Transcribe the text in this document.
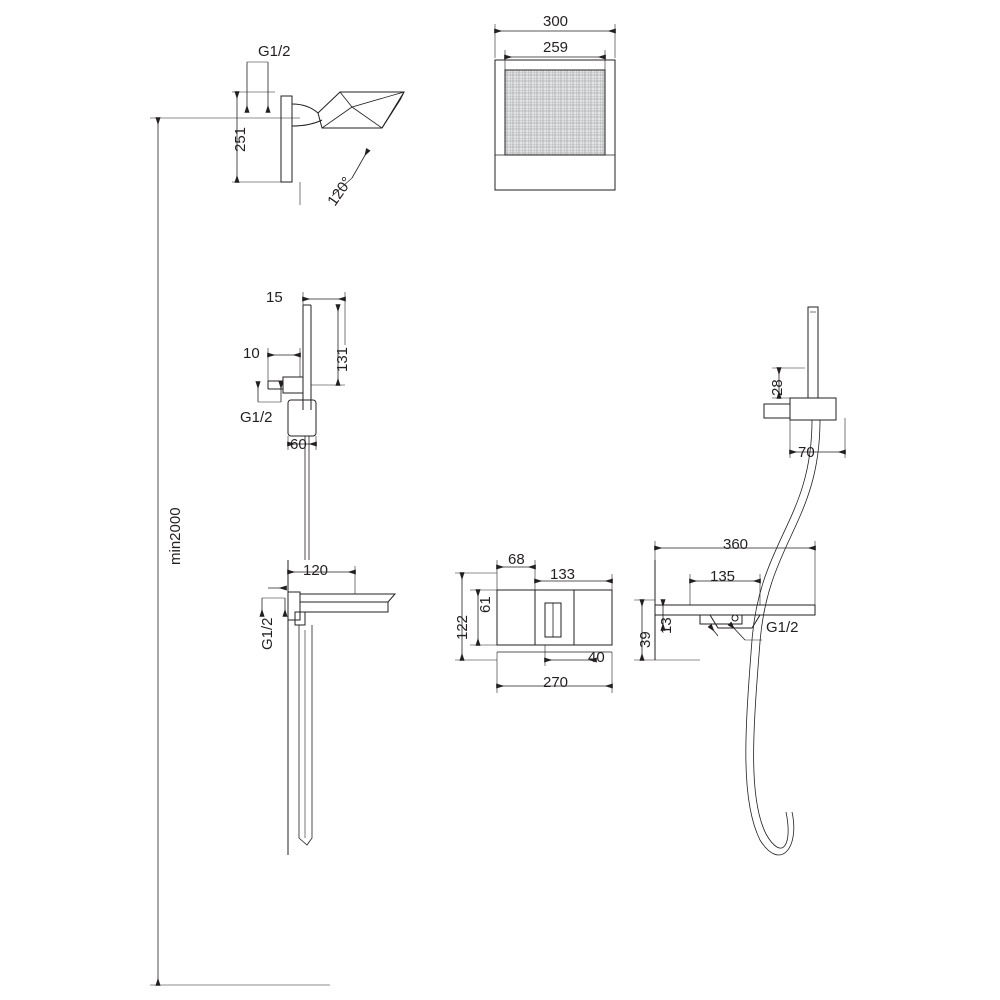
min2000
251
G1/2
120°
300
259
15
10	131
G1/2
60
28
70
120
G1/2
68
61
122
133
40
270
360
135
39
13	G1/2
